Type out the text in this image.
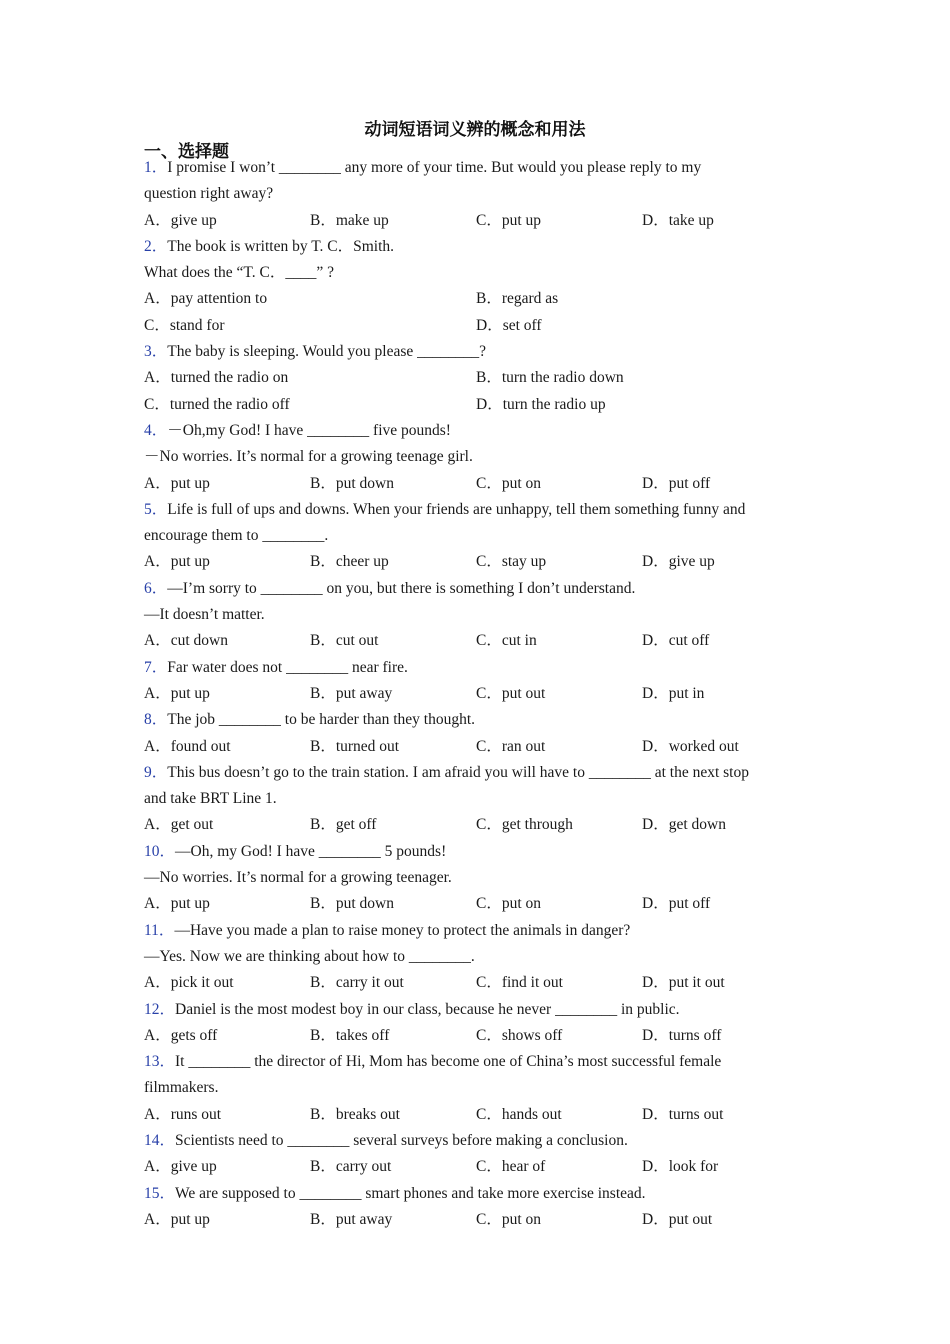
动词短语词义辨的概念和用法
一、选择题
1．I promise I won’t ________ any more of your time. But would you please reply to my
question right away?
A．give up	B．make up	C．put up	D．take up
2．The book is written by T. C．Smith.
What does the “T. C．____” ?
A．pay attention to	B．regard as
C．stand for	D．set off
3．The baby is sleeping. Would you please ________?
A．turned the radio on	B．turn the radio down
C．turned the radio off	D．turn the radio up
4．－Oh,my God! I have ________ five pounds!
－No worries. It’s normal for a growing teenage girl.
A．put up	B．put down	C．put on	D．put off
5．Life is full of ups and downs. When your friends are unhappy, tell them something funny and
encourage them to ________.
A．put up	B．cheer up	C．stay up	D．give up
6．—I’m sorry to ________ on you, but there is something I don’t understand.
—It doesn’t matter.
A．cut down	B．cut out	C．cut in	D．cut off
7．Far water does not ________ near fire.
A．put up	B．put away	C．put out	D．put in
8．The job ________ to be harder than they thought.
A．found out	B．turned out	C．ran out	D．worked out
9．This bus doesn’t go to the train station. I am afraid you will have to ________ at the next stop
and take BRT Line 1.
A．get out	B．get off	C．get through	D．get down
10．—Oh, my God! I have ________ 5 pounds!
—No worries. It’s normal for a growing teenager.
A．put up	B．put down	C．put on	D．put off
11．—Have you made a plan to raise money to protect the animals in danger?
—Yes. Now we are thinking about how to ________.
A．pick it out	B．carry it out	C．find it out	D．put it out
12．Daniel is the most modest boy in our class, because he never ________ in public.
A．gets off	B．takes off	C．shows off	D．turns off
13．It ________ the director of Hi, Mom has become one of China’s most successful female
filmmakers.
A．runs out	B．breaks out	C．hands out	D．turns out
14．Scientists need to ________ several surveys before making a conclusion.
A．give up	B．carry out	C．hear of	D．look for
15．We are supposed to ________ smart phones and take more exercise instead.
A．put up	B．put away	C．put on	D．put out
